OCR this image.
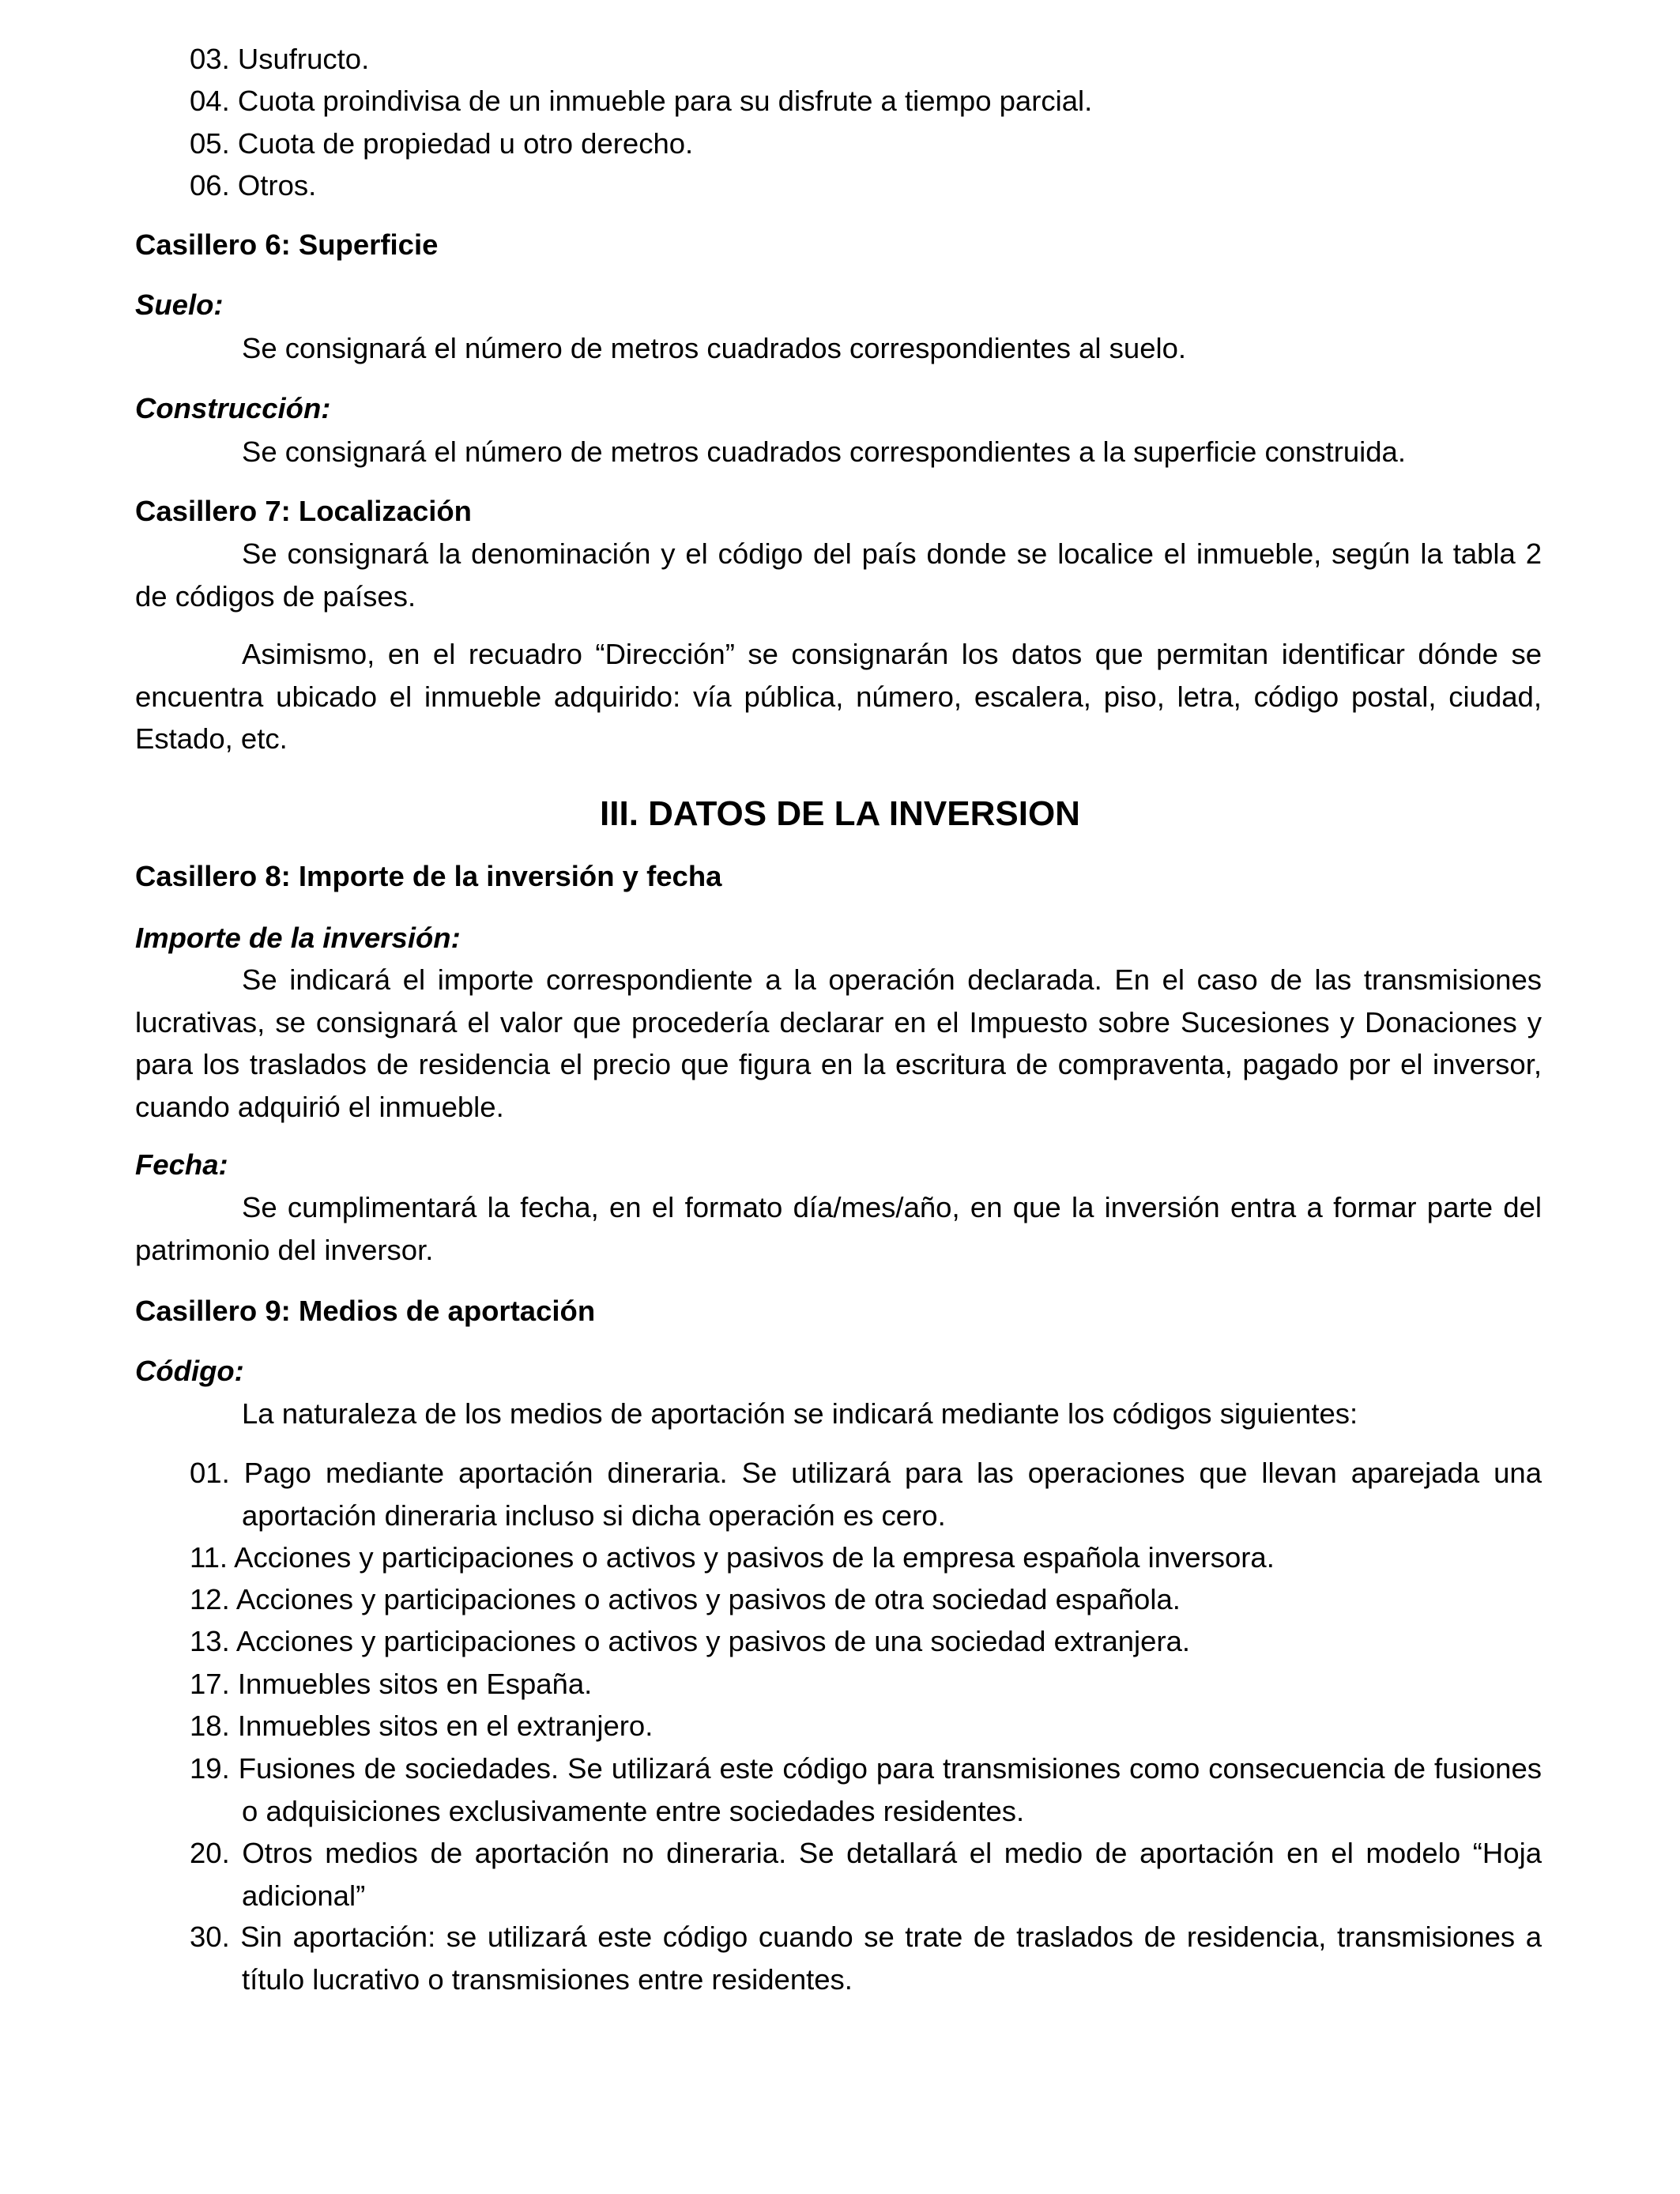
03. Usufructo.

04. Cuota proindivisa de un inmueble para su disfrute a tiempo parcial.

05. Cuota de propiedad u otro derecho.

06. Otros.

Casillero 6: Superficie

Suelo:

Se consignará el número de metros cuadrados correspondientes al suelo.

Construcción:

Se consignará el número de metros cuadrados correspondientes a la superficie construida.

Casillero 7: Localización

Se consignará la denominación y el código del país donde se localice el inmueble, según la tabla 2 de códigos de países.

Asimismo, en el recuadro “Dirección” se consignarán los datos que permitan identificar dónde se encuentra ubicado el inmueble adquirido: vía pública, número, escalera, piso, letra, código postal, ciudad, Estado, etc.

III. DATOS DE LA INVERSION

Casillero 8: Importe de la inversión y fecha

Importe de la inversión:

Se indicará el importe correspondiente a la operación declarada. En el caso de las transmisiones lucrativas, se consignará el valor que procedería declarar en el Impuesto sobre Sucesiones y Donaciones y para los traslados de residencia el precio que figura en la escritura de compraventa, pagado por el inversor, cuando adquirió el inmueble.

Fecha:

Se cumplimentará la fecha, en el formato día/mes/año, en que la inversión entra a formar parte del patrimonio del inversor.

Casillero 9: Medios de aportación

Código:

La naturaleza de los medios de aportación se indicará mediante los códigos siguientes:

01. Pago mediante aportación dineraria. Se utilizará para las operaciones que llevan aparejada una aportación dineraria incluso si dicha operación es cero.

11. Acciones y participaciones o activos y pasivos de la empresa española inversora.

12. Acciones y participaciones o activos y pasivos de otra sociedad española.

13. Acciones y participaciones o activos y pasivos de una sociedad extranjera.

17. Inmuebles sitos en España.

18. Inmuebles sitos en el extranjero.

19. Fusiones de sociedades. Se utilizará este código para transmisiones como consecuencia de fusiones o adquisiciones exclusivamente entre sociedades residentes.

20. Otros medios de aportación no dineraria. Se detallará el medio de aportación en el modelo “Hoja adicional”

30. Sin aportación: se utilizará este código cuando se trate de traslados de residencia, transmisiones a título lucrativo o transmisiones entre residentes.
